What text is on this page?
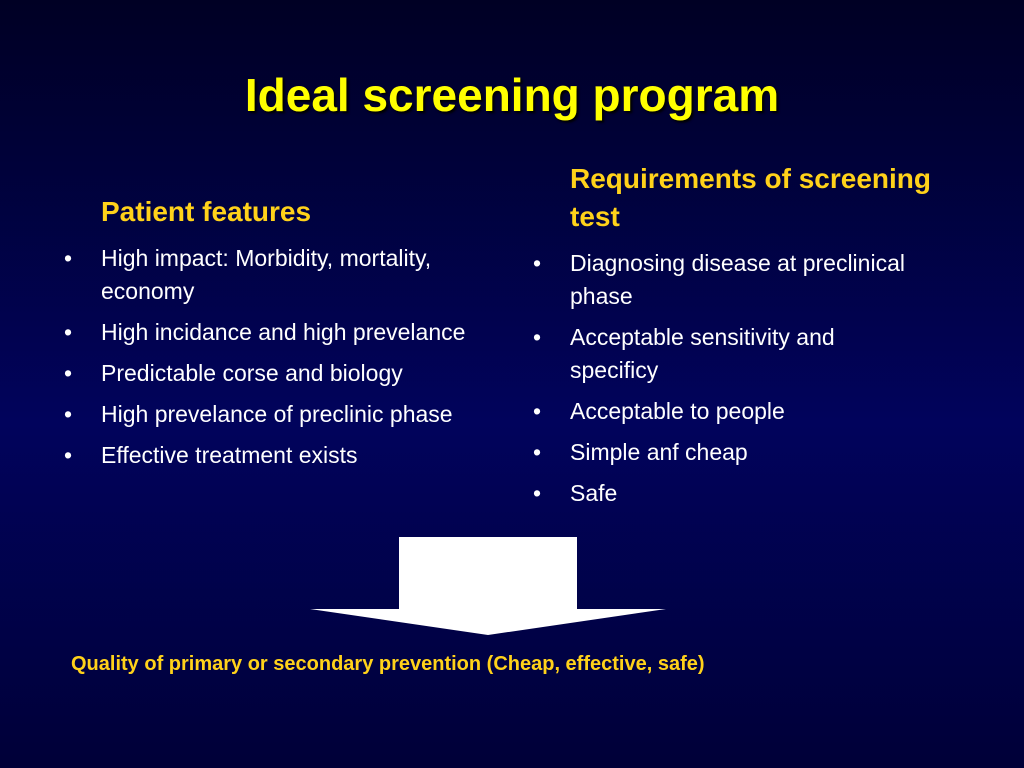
Ideal screening program
Patient features
• High impact: Morbidity, mortality, economy
• High incidance and high prevelance
• Predictable corse and biology
• High prevelance of preclinic phase
• Effective treatment exists
Requirements of screening test
• Diagnosing disease at preclinical phase
• Acceptable sensitivity and specificy
• Acceptable to people
• Simple anf cheap
• Safe

Quality of primary or secondary prevention (Cheap, effective, safe)
